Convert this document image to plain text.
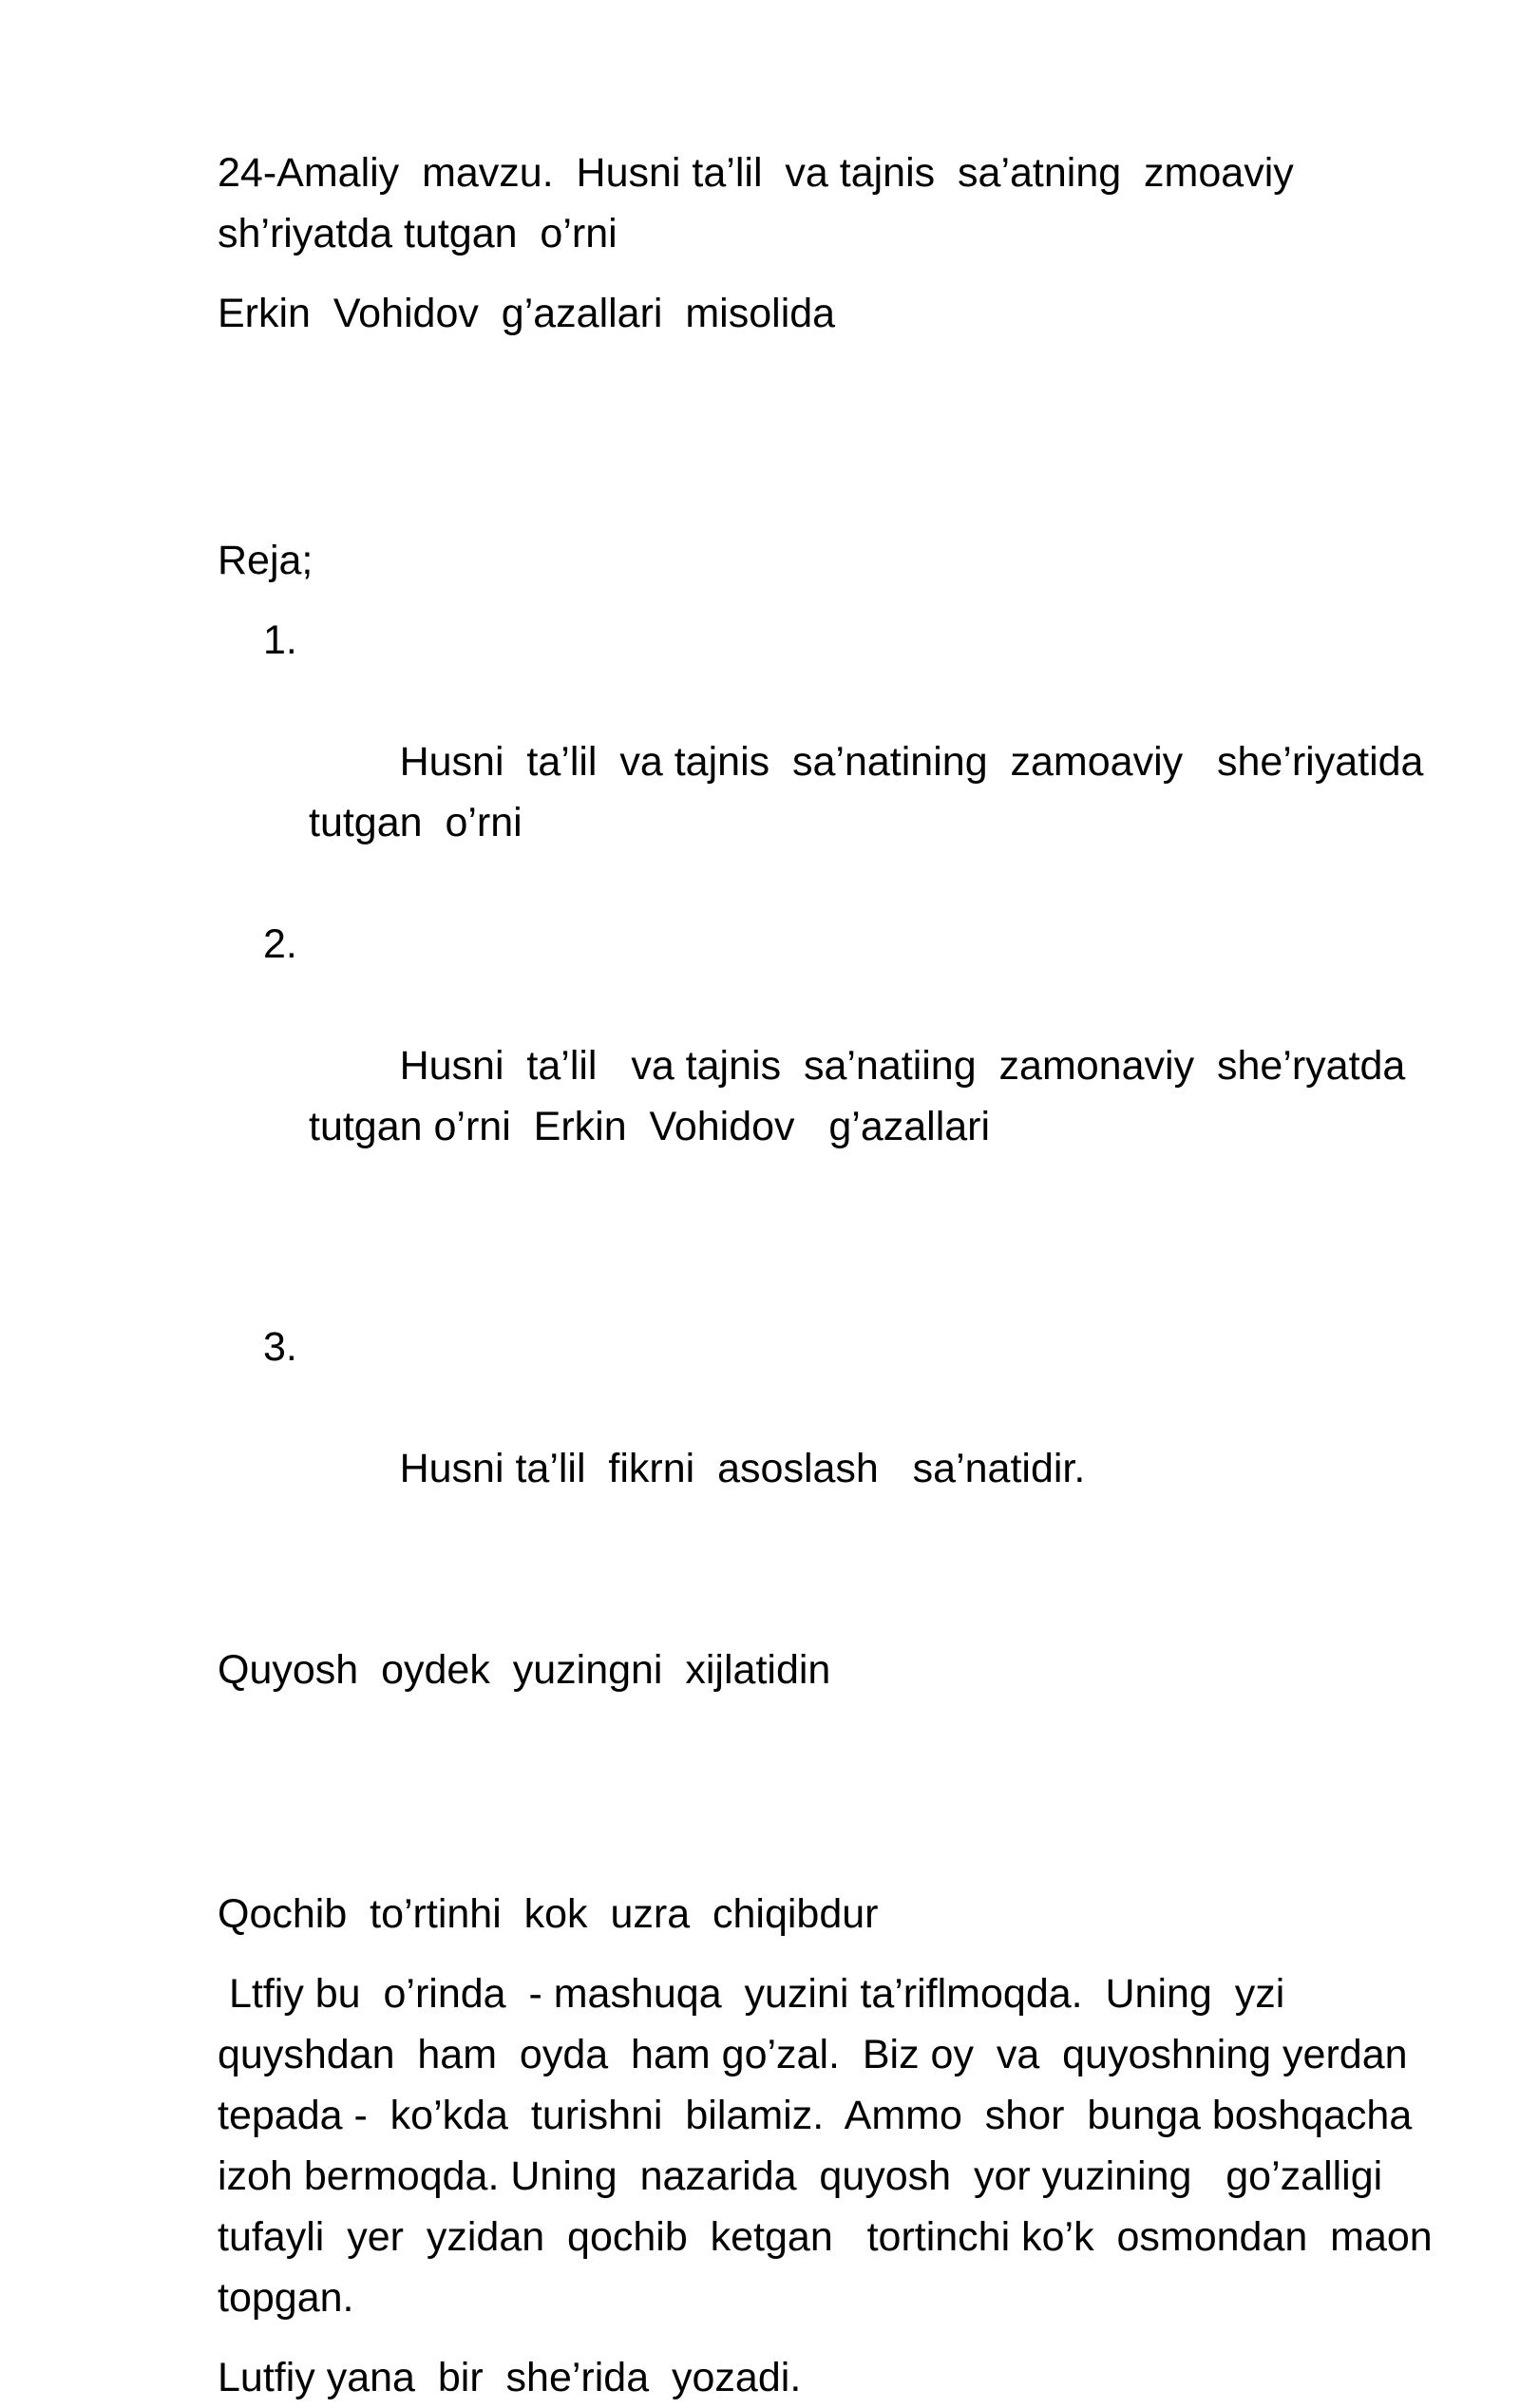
24-Amaliy  mavzu.  Husni ta’lil  va tajnis  sa’atning  zmoaviy  sh’riyatda tutgan  o’rni

Erkin  Vohidov  g’azallari  misolida

Reja;

1.

Husni  ta’lil  va tajnis  sa’natining  zamoaviy   she’riyatida tutgan  o’rni

2.

Husni  ta’lil   va tajnis  sa’natiing  zamonaviy  she’ryatda tutgan o’rni  Erkin  Vohidov   g’azallari

3.

Husni ta’lil  fikrni  asoslash   sa’natidir.

Quyosh  oydek  yuzingni  xijlatidin

Qochib  to’rtinhi  kok  uzra  chiqibdur

Ltfiy bu  o’rinda  - mashuqa  yuzini ta’riflmoqda.  Uning  yzi quyshdan  ham  oyda  ham go’zal.  Biz oy  va  quyoshning yerdan  tepada -  ko’kda  turishni  bilamiz.  Ammo  shor  bunga boshqacha  izoh bermoqda. Uning  nazarida  quyosh  yor yuzining   go’zalligi tufayli  yer  yzidan  qochib  ketgan   tortinchi ko’k  osmondan  maon  topgan.

Lutfiy yana  bir  she’rida  yozadi.
